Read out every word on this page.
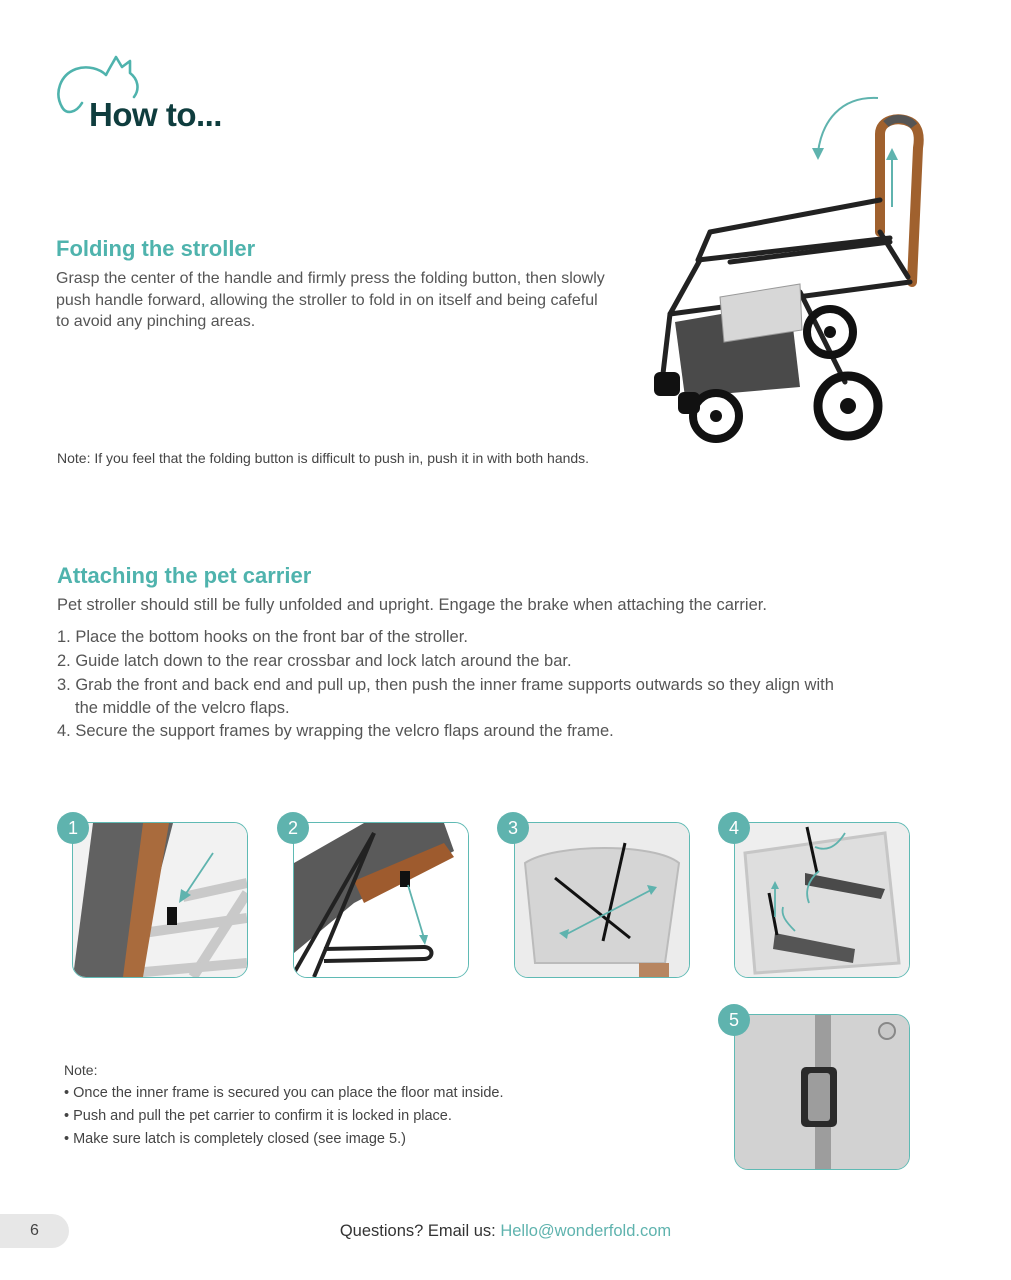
How to...
Folding the stroller

Grasp the center of the handle and firmly press the folding button, then slowly

push handle forward, allowing the stroller to fold in on itself and being cafeful

to avoid any pinching areas.

Note: If you feel that the folding button is difficult to push in, push it in with both hands.
Attaching the pet carrier

Pet stroller should still be fully unfolded and upright. Engage the brake when attaching the carrier.

1. Place the bottom hooks on the front bar of the stroller.
2. Guide latch down to the rear crossbar and lock latch around the bar.
3. Grab the front and back end and pull up, then push the inner frame supports outwards so they align with
the middle of the velcro flaps.
4. Secure the support frames by wrapping the velcro flaps around the frame.
1	2	3	4
5
Note:
• Once the inner frame is secured you can place the floor mat inside.
• Push and pull the pet carrier to confirm it is locked in place.
• Make sure latch is completely closed (see image 5.)
6	Questions? Email us: Hello@wonderfold.com
